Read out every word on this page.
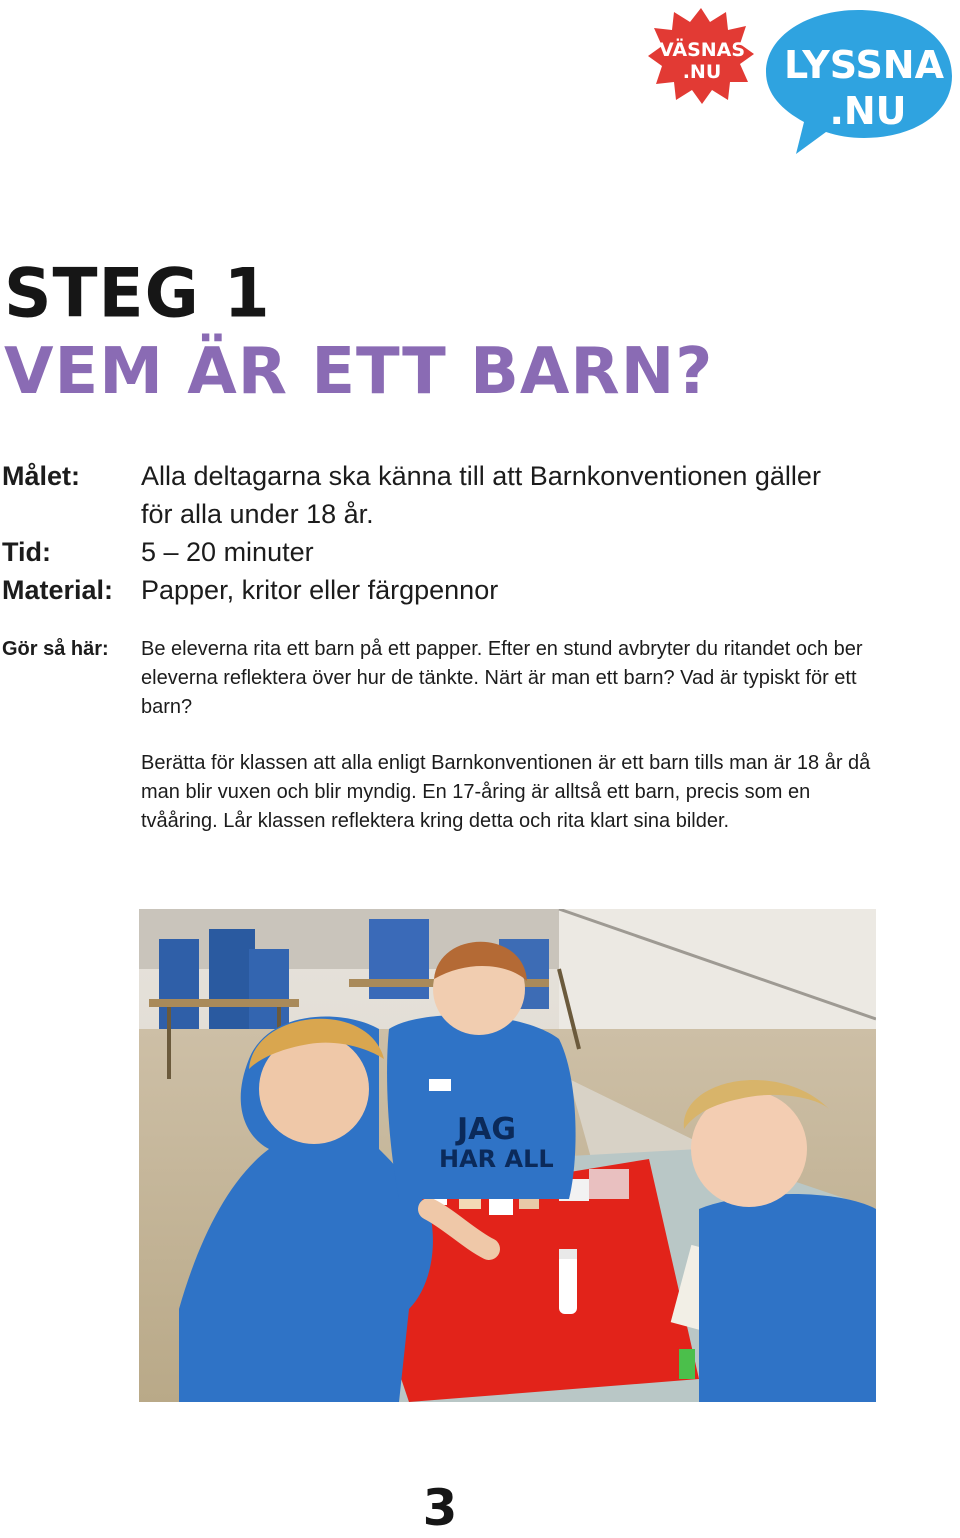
VÄSNAS
.NU LYSSNA
.NU
STEG 1
VEM ÄR ETT BARN?
Målet: Alla deltagarna ska känna till att Barnkonventionen gäller
för alla under 18 år.
Tid:	5 – 20 minuter
Material: Papper, kritor eller färgpennor
Gör så här: Be eleverna rita ett barn på ett papper. Efter en stund avbryter du ritandet och ber eleverna reflektera över hur de tänkte. Närt är man ett barn? Vad är typiskt för ett barn?

Berätta för klassen att alla enligt Barnkonventionen är ett barn tills man är 18 år då man blir vuxen och blir myndig. En 17-åring är alltså ett barn, precis som en tvååring. Lår klassen reflektera kring detta och rita klart sina bilder.

JAG
HAR ALL
3
